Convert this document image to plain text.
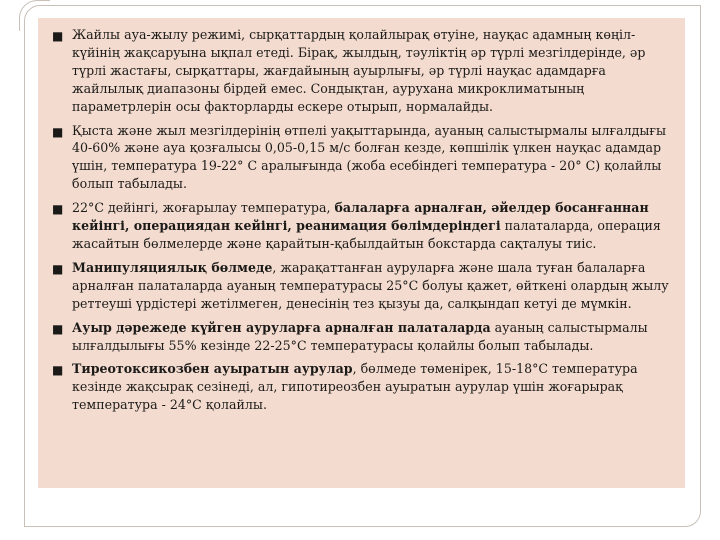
■ Жайлы ауа-жылу режимі, сырқаттардың қолайлырақ өтуіне, науқас адамның көңіл-күйінің жақсаруына ықпал етеді. Бірақ, жылдың, тәуліктің әр түрлі мезгілдерінде, әр түрлі жастағы, сырқаттары, жағдайының ауырлығы, әр түрлі науқас адамдарға жайлылық диапазоны бірдей емес. Сондықтан, аурухана микроклиматының параметрлерін осы факторларды ескере отырып, нормалайды.
■ Қыста және жыл мезгілдерінің өтпелі уақыттарында, ауаның салыстырмалы ылғалдығы 40-60% және ауа қозғалысы 0,05-0,15 м/с болған кезде, көпшілік үлкен науқас адамдар үшін, температура 19-22° С аралығында (жоба есебіндегі температура - 20° С) қолайлы болып табылады.
■ 22°С дейінгі, жоғарылау температура, балаларға арналған, әйелдер босанғаннан кейінгі, операциядан кейінгі, реанимация бөлімдеріндегі палаталарда, операция жасайтын бөлмелерде және қарайтын-қабылдайтын бокстарда сақталуы тиіс.
■ Манипуляциялық бөлмеде, жарақаттанған ауруларға және шала туған балаларға арналған палаталарда ауаның температурасы 25°С болуы қажет, өйткені олардың жылу реттеуші үрдістері жетілмеген, денесінің тез қызуы да, салқындап кетуі де мүмкін.
■ Ауыр дәрежеде күйген ауруларға арналған палаталарда ауаның салыстырмалы ылғалдылығы 55% кезінде 22-25°С температурасы қолайлы болып табылады.
■ Тиреотоксикозбен ауыратын аурулар, бөлмеде төменірек, 15-18°С температура кезінде жақсырақ сезінеді, ал, гипотиреозбен ауыратын аурулар үшін жоғарырақ температура - 24°С қолайлы.
